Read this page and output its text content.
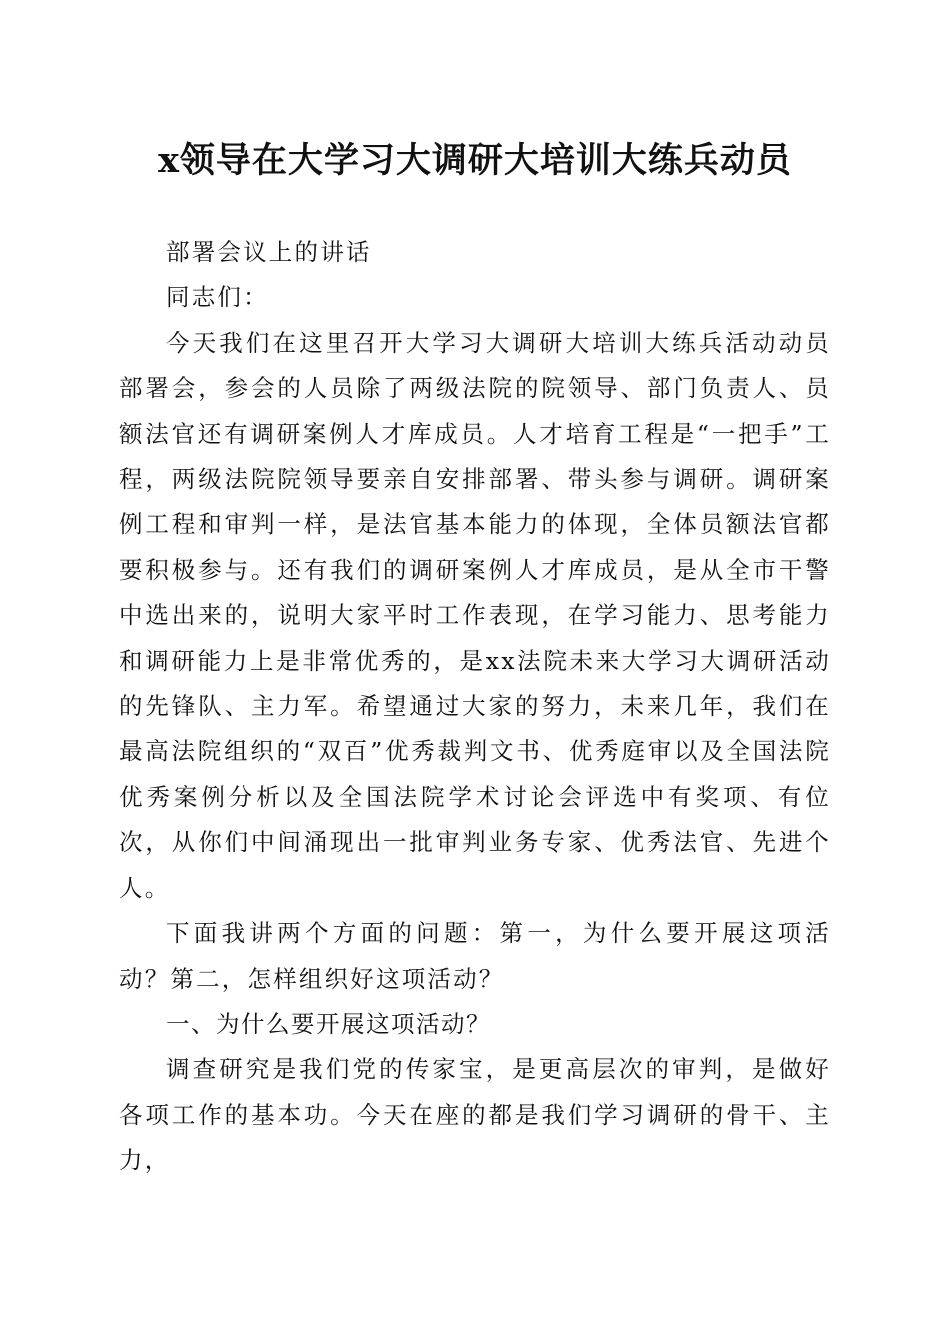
x领导在大学习大调研大培训大练兵动员

部署会议上的讲话

同志们：

今天我们在这里召开大学习大调研大培训大练兵活动动员部署会，参会的人员除了两级法院的院领导、部门负责人、员额法官还有调研案例人才库成员。人才培育工程是“一把手”工程，两级法院院领导要亲自安排部署、带头参与调研。调研案例工程和审判一样，是法官基本能力的体现，全体员额法官都要积极参与。还有我们的调研案例人才库成员，是从全市干警中选出来的，说明大家平时工作表现，在学习能力、思考能力和调研能力上是非常优秀的，是xx法院未来大学习大调研活动的先锋队、主力军。希望通过大家的努力，未来几年，我们在最高法院组织的“双百”优秀裁判文书、优秀庭审以及全国法院优秀案例分析以及全国法院学术讨论会评选中有奖项、有位次，从你们中间涌现出一批审判业务专家、优秀法官、先进个人。

下面我讲两个方面的问题：第一，为什么要开展这项活动？第二，怎样组织好这项活动？

一、为什么要开展这项活动？

调查研究是我们党的传家宝，是更高层次的审判，是做好各项工作的基本功。今天在座的都是我们学习调研的骨干、主力，
